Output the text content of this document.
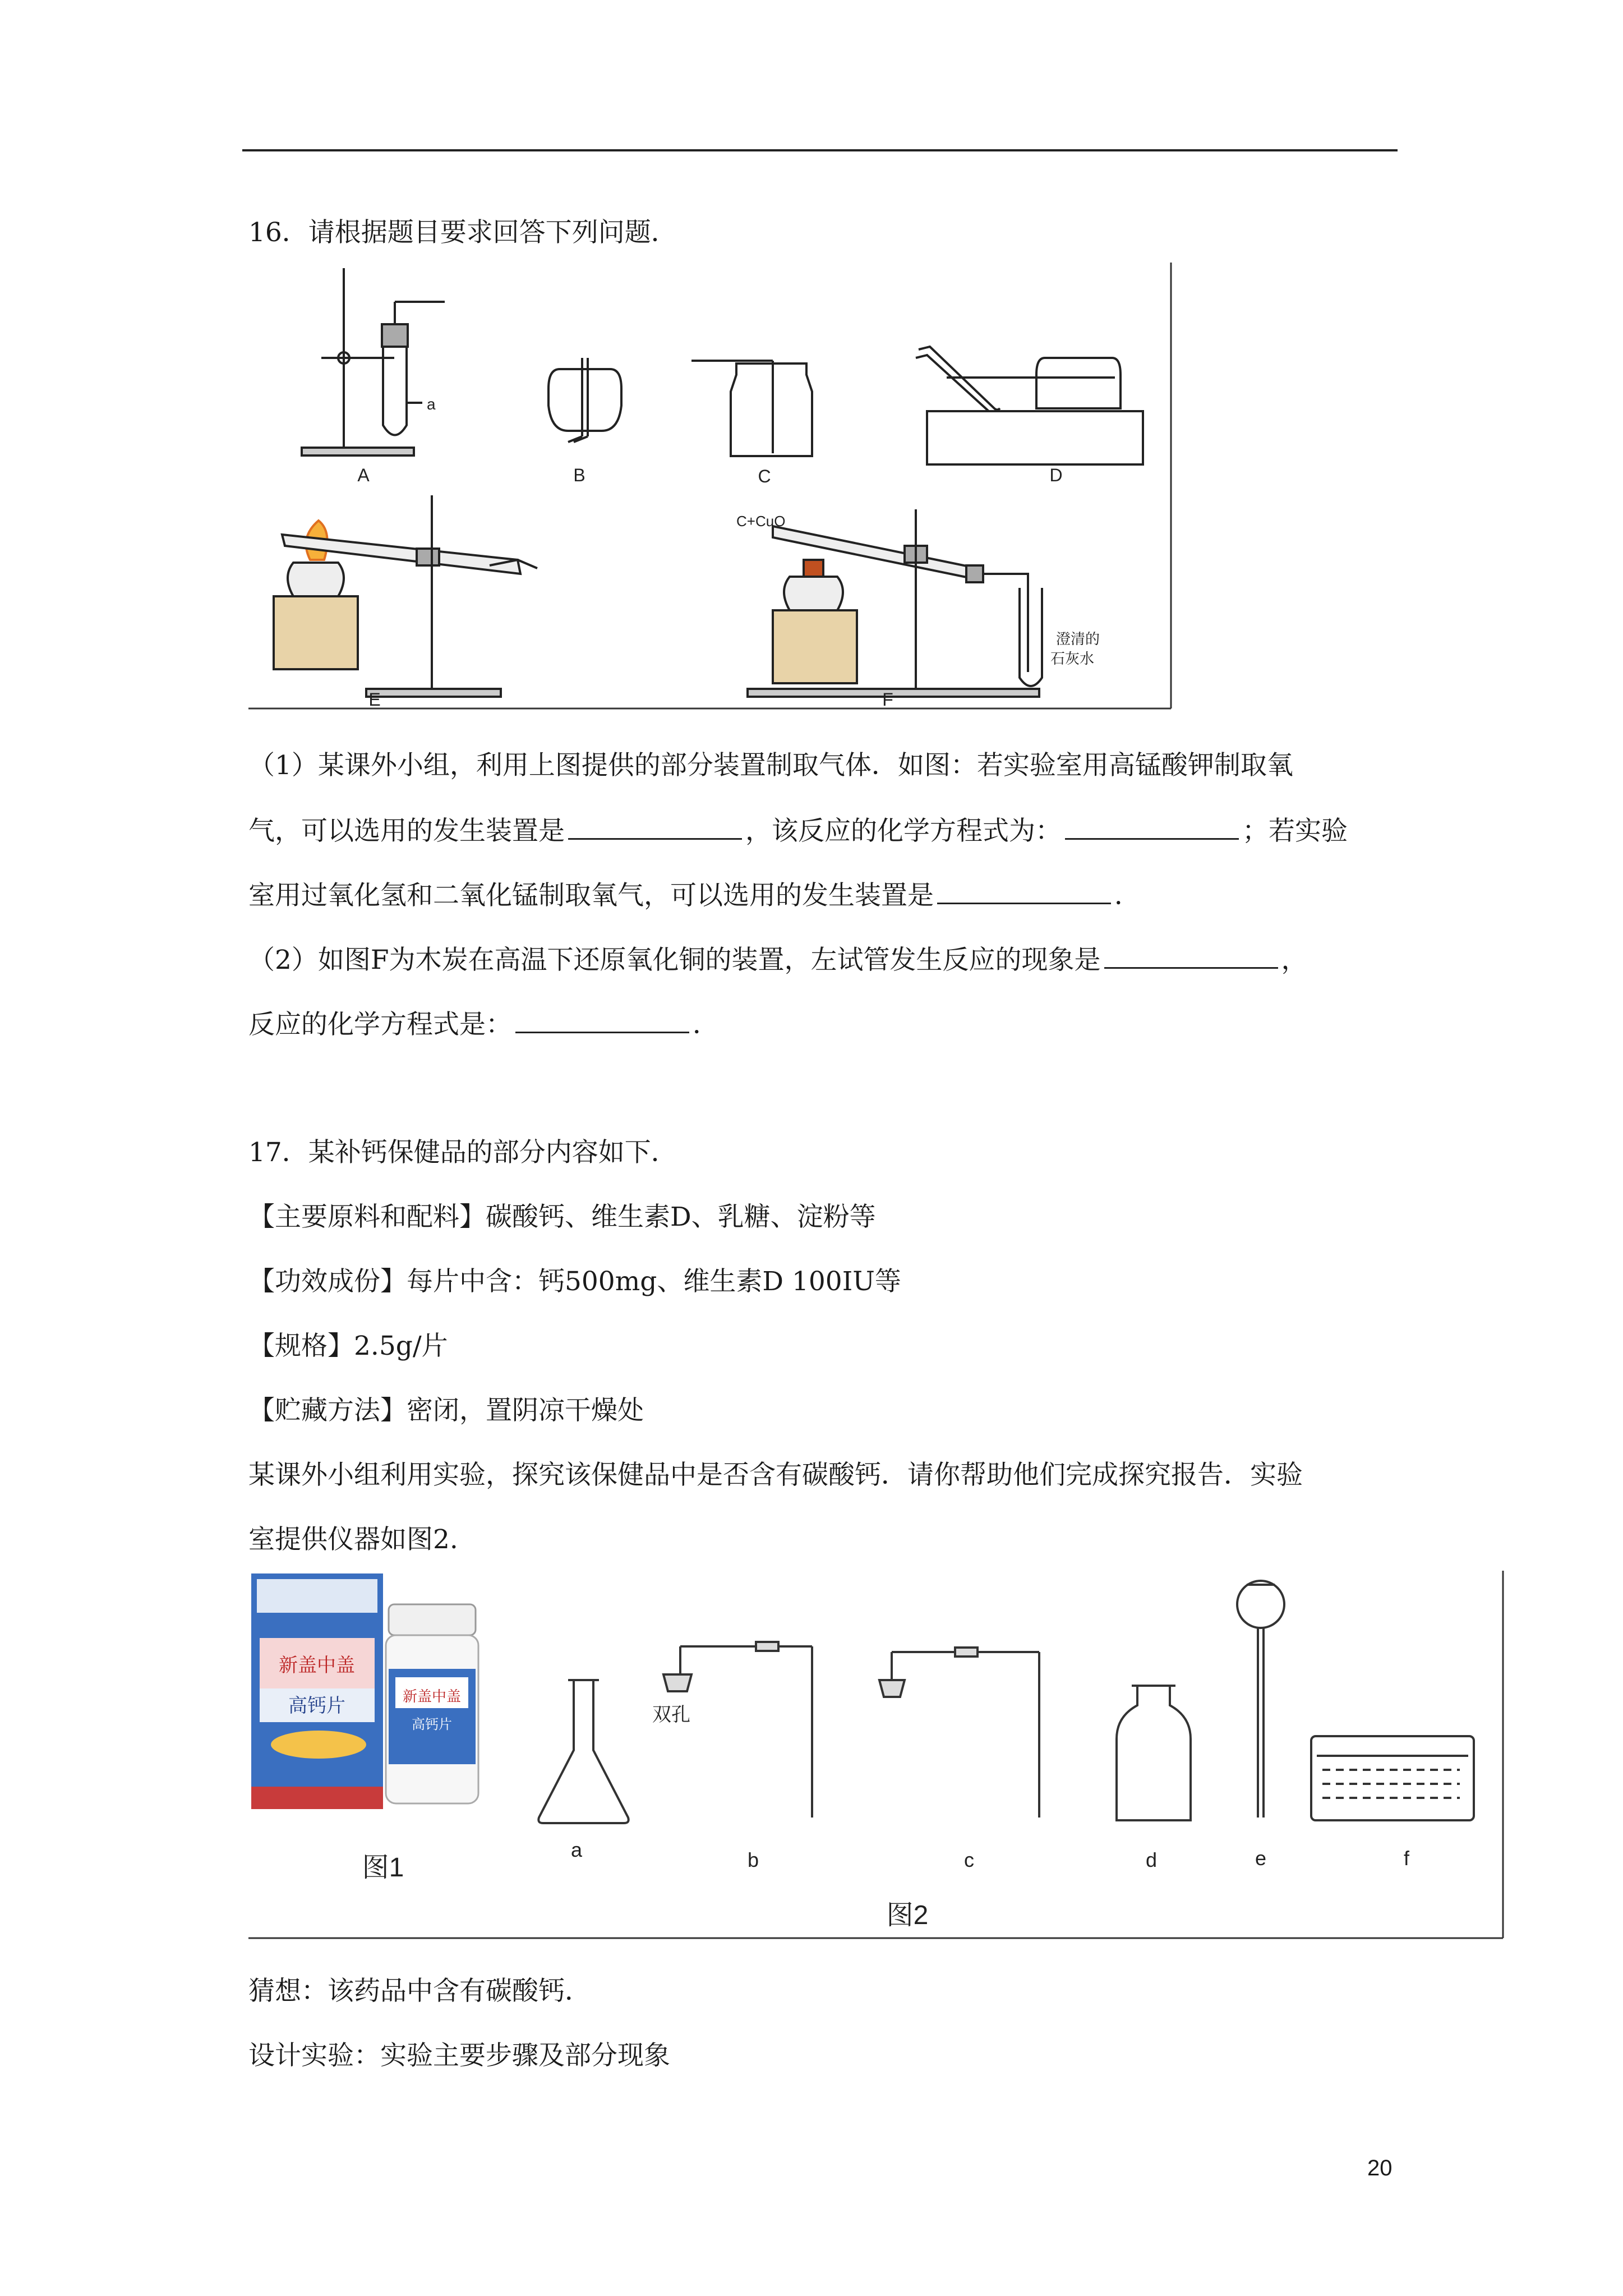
16．请根据题目要求回答下列问题．
a
C+CuO
澄清的
石灰水
A	B	C	D
E	F
（1）某课外小组，利用上图提供的部分装置制取气体．如图：若实验室用高锰酸钾制取氧
气，可以选用的发生装置是	，该反应的化学方程式为：	；若实验
室用过氧化氢和二氧化锰制取氧气，可以选用的发生装置是	．
（2）如图F为木炭在高温下还原氧化铜的装置，左试管发生反应的现象是	，
反应的化学方程式是：	．
17．某补钙保健品的部分内容如下．
【主要原料和配料】碳酸钙、维生素D、乳糖、淀粉等
【功效成份】每片中含：钙500mg、维生素D 100IU等
【规格】2.5g/片
【贮藏方法】密闭，置阴凉干燥处
某课外小组利用实验，探究该保健品中是否含有碳酸钙．请你帮助他们完成探究报告．实验
室提供仪器如图2.
新盖中盖
高钙片	新盖中盖
高钙片
图1
双孔
a	b	c	d	e	f
图2
猜想：该药品中含有碳酸钙．
设计实验：实验主要步骤及部分现象
20
